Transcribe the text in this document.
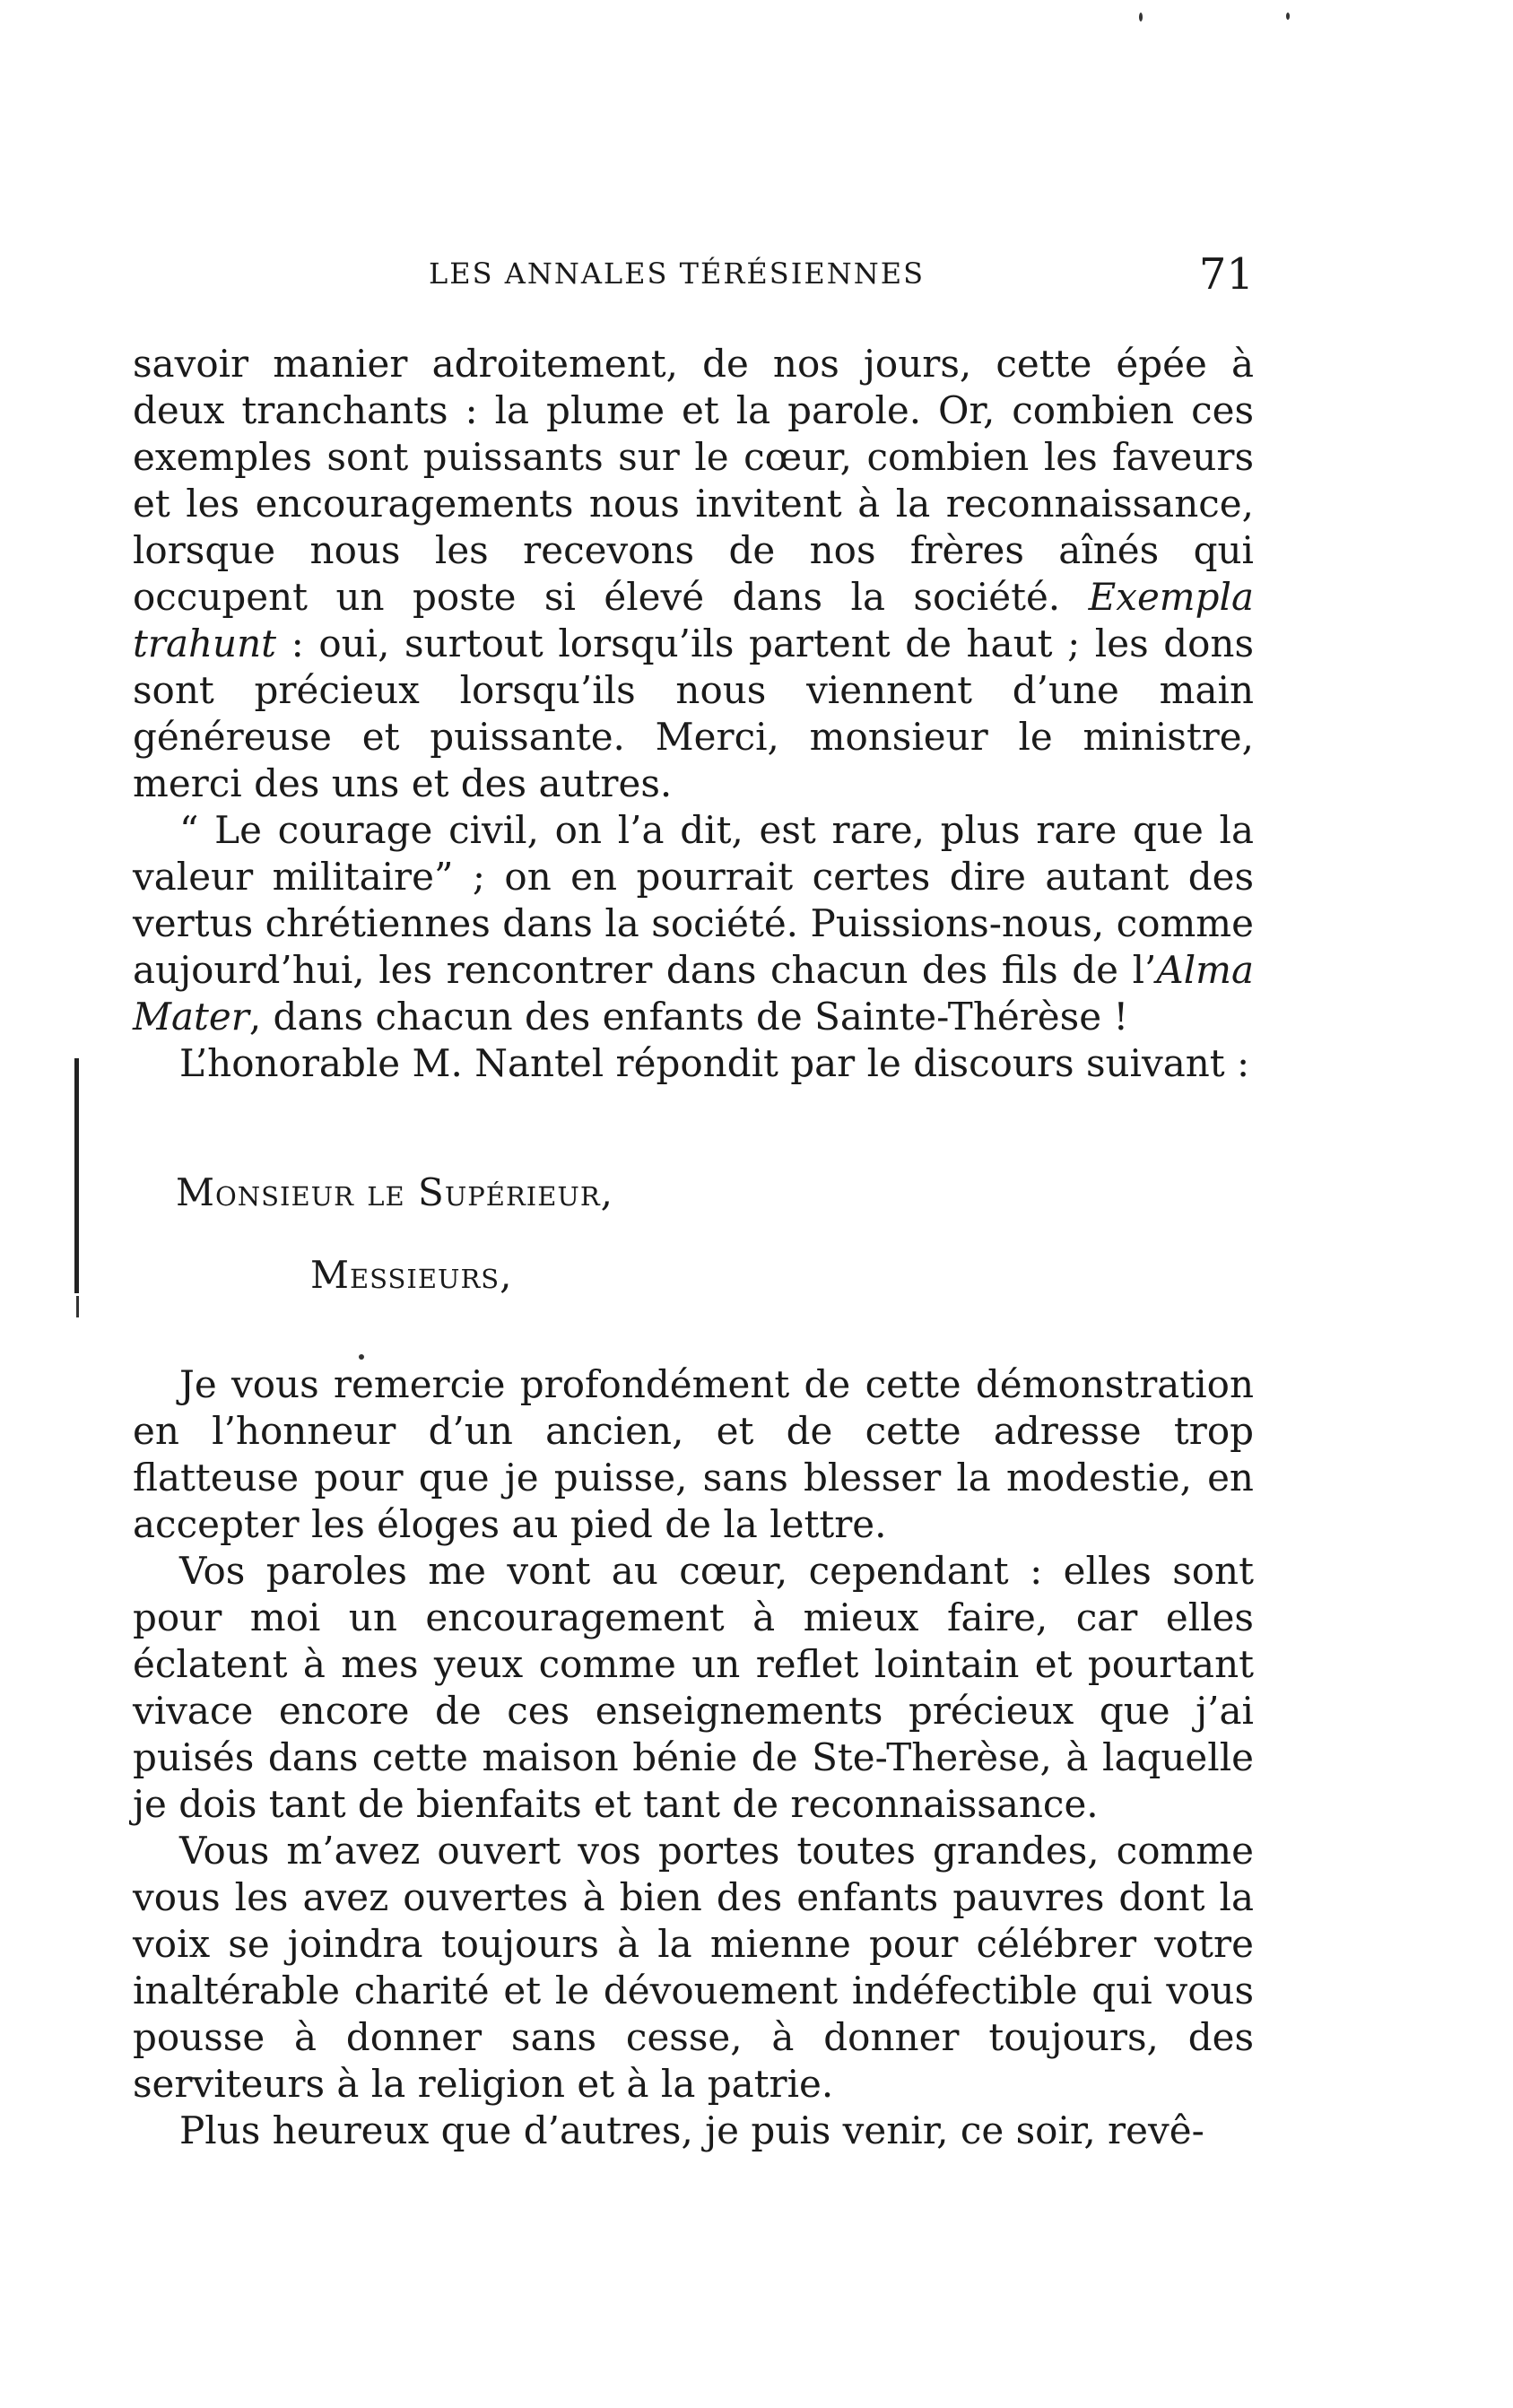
LES ANNALES TÉRÉSIENNES	71

savoir manier adroitement, de nos jours, cette épée à deux tranchants : la plume et la parole. Or, combien ces exemples sont puissants sur le cœur, combien les faveurs et les encouragements nous invitent à la reconnaissance, lorsque nous les recevons de nos frères aînés qui occupent un poste si élevé dans la société. Exempla trahunt : oui, surtout lorsqu’ils partent de haut ; les dons sont précieux lorsqu’ils nous viennent d’une main généreuse et puissante. Merci, monsieur le ministre, merci des uns et des autres.

“ Le courage civil, on l’a dit, est rare, plus rare que la valeur militaire” ; on en pourrait certes dire autant des vertus chrétiennes dans la société. Puissions-nous, comme aujourd’hui, les rencontrer dans chacun des fils de l’Alma Mater, dans chacun des enfants de Sainte-Thérèse !

L’honorable M. Nantel répondit par le discours suivant :

Monsieur le Supérieur,

Messieurs,

Je vous remercie profondément de cette démonstration en l’honneur d’un ancien, et de cette adresse trop flatteuse pour que je puisse, sans blesser la modestie, en accepter les éloges au pied de la lettre.

Vos paroles me vont au cœur, cependant : elles sont pour moi un encouragement à mieux faire, car elles éclatent à mes yeux comme un reflet lointain et pourtant vivace encore de ces enseignements précieux que j’ai puisés dans cette maison bénie de Ste-Therèse, à laquelle je dois tant de bienfaits et tant de reconnaissance.

Vous m’avez ouvert vos portes toutes grandes, comme vous les avez ouvertes à bien des enfants pauvres dont la voix se joindra toujours à la mienne pour célébrer votre inaltérable charité et le dévouement indéfectible qui vous pousse à donner sans cesse, à donner toujours, des serviteurs à la religion et à la patrie.

Plus heureux que d’autres, je puis venir, ce soir, revê-
